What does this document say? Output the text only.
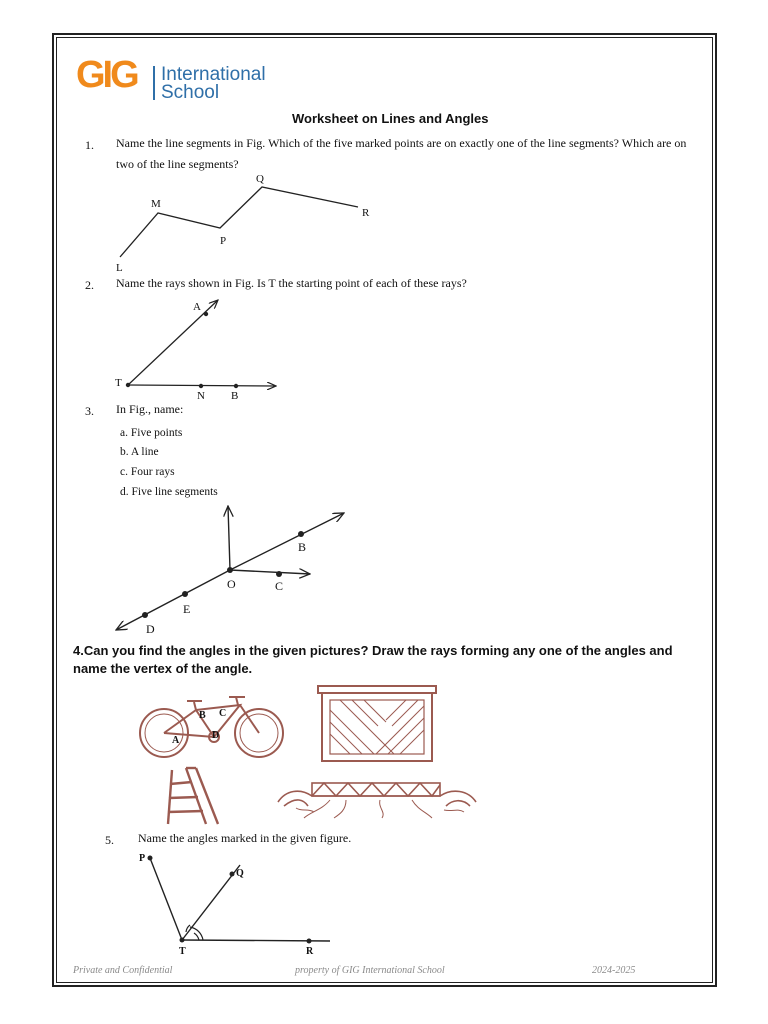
GIG International
School
Worksheet on Lines and Angles
1. Name the line segments in Fig. Which of the five marked points are on exactly one of the line segments? Which are on two of the line segments?
L
M
P
Q
R
2. Name the rays shown in Fig. Is T the starting point of each of these rays?
A
T
N B
3. In Fig., name:
a. Five points
b. A line
c. Four rays
d. Five line segments
B
O	C
E
D
4.Can you find the angles in the given pictures? Draw the rays forming any one of the angles and name the vertex of the angle.
B C
A	D
5. Name the angles marked in the given figure.
P
Q
T	R
Private and Confidential	property of GIG International School	2024-2025
